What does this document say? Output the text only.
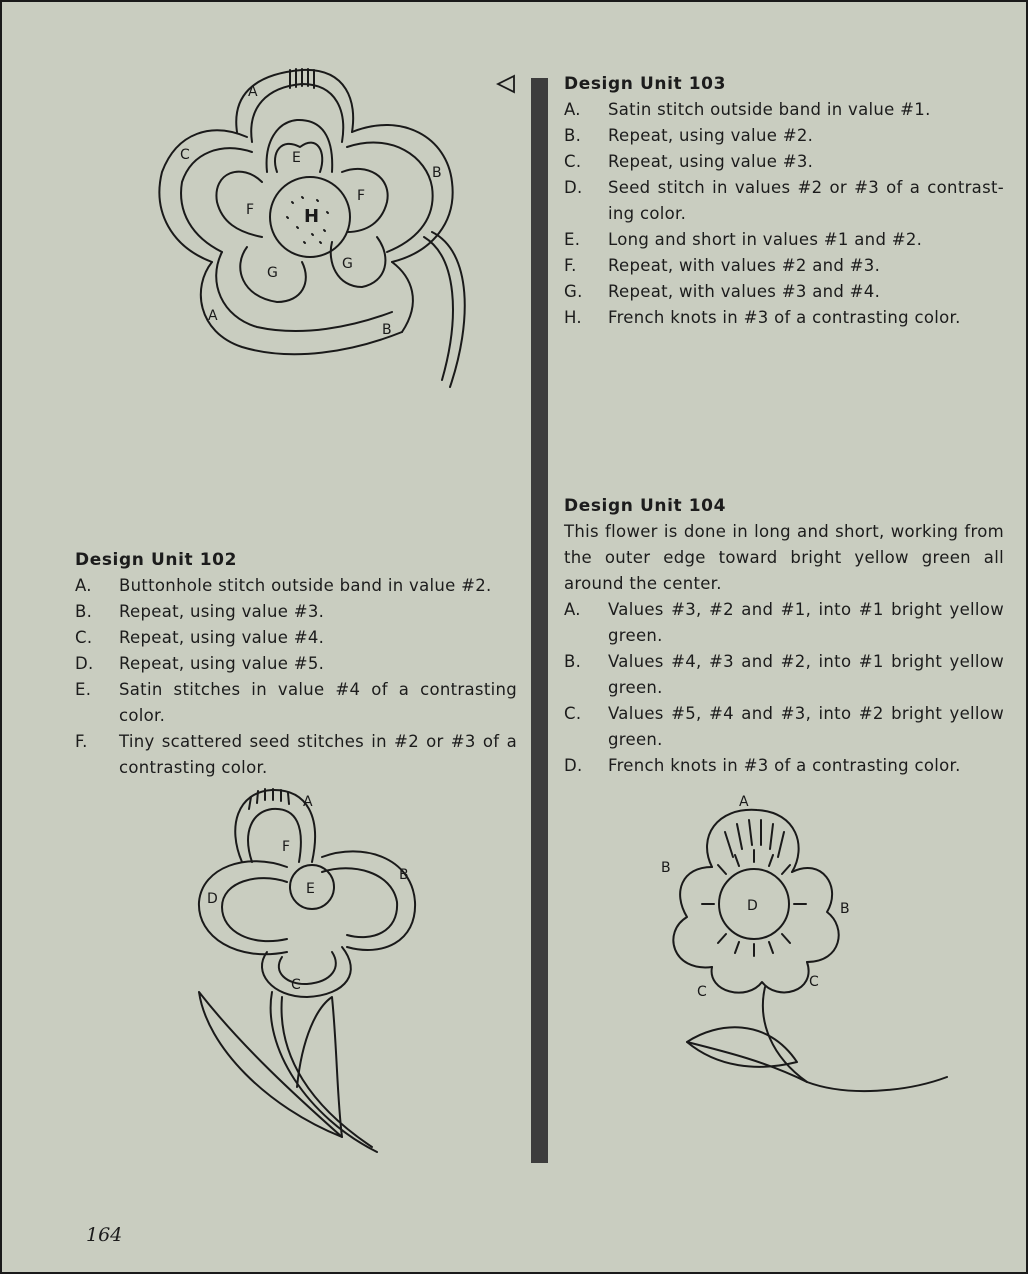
A
A
B
B
C	E
F
F
G
G
H
Design Unit 103
A.	Satin stitch outside band in value #1.
B.	Repeat, using value #2.
C.	Repeat, using value #3.
D.	Seed stitch in values #2 or #3 of a contrast-ing color.
E.	Long and short in values #1 and #2.
F.	Repeat, with values #2 and #3.
G.	Repeat, with values #3 and #4.
H.	French knots in #3 of a contrasting color.
Design Unit 102
A.	Buttonhole stitch outside band in value #2.
B.	Repeat, using value #3.
C.	Repeat, using value #4.
D.	Repeat, using value #5.
E.	Satin stitches in value #4 of a contrasting color.
F.	Tiny scattered seed stitches in #2 or #3 of a contrasting color.
Design Unit 104

This flower is done in long and short, working from the outer edge toward bright yellow green all around the center.

A.	Values #3, #2 and #1, into #1 bright yellow green.
B.	Values #4, #3 and #2, into #1 bright yellow green.
C.	Values #5, #4 and #3, into #2 bright yellow green.
D.	French knots in #3 of a contrasting color.
A
B
C
D
E
F
A
B
B
C
C
D
164
